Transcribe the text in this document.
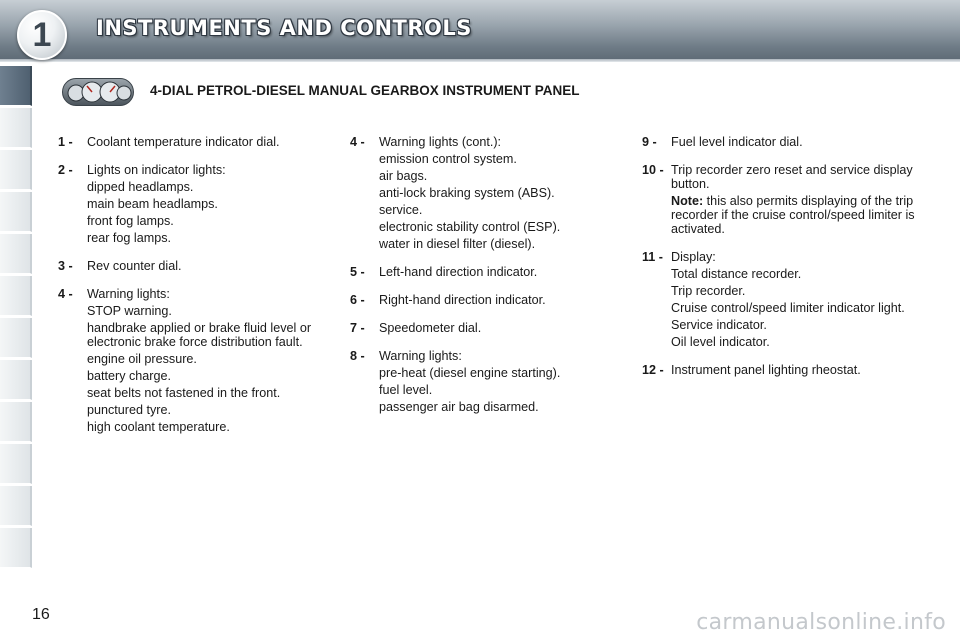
1	INSTRUMENTS AND CONTROLS
4-DIAL PETROL-DIESEL MANUAL GEARBOX INSTRUMENT PANEL
1 - Coolant temperature indicator dial.
2 - Lights on indicator lights:
dipped headlamps.
main beam headlamps.
front fog lamps.
rear fog lamps.
3 - Rev counter dial.
4 - Warning lights:
STOP warning.
handbrake applied or brake fluid level or electronic brake force distribution fault.
engine oil pressure.
battery charge.
seat belts not fastened in the front.
punctured tyre.
high coolant temperature.
4 - Warning lights (cont.):
emission control system.
air bags.
anti-lock braking system (ABS).
service.
electronic stability control (ESP).
water in diesel filter (diesel).
5 - Left-hand direction indicator.
6 - Right-hand direction indicator.
7 - Speedometer dial.
8 - Warning lights:
pre-heat (diesel engine starting).
fuel level.
passenger air bag disarmed.
9 - Fuel level indicator dial.
10 - Trip recorder zero reset and service display button.
Note: this also permits displaying of the trip recorder if the cruise control/speed limiter is activated.
11 - Display:
Total distance recorder.
Trip recorder.
Cruise control/speed limiter indicator light.
Service indicator.
Oil level indicator.
12 - Instrument panel lighting rheostat.
16	carmanualsonline.info
